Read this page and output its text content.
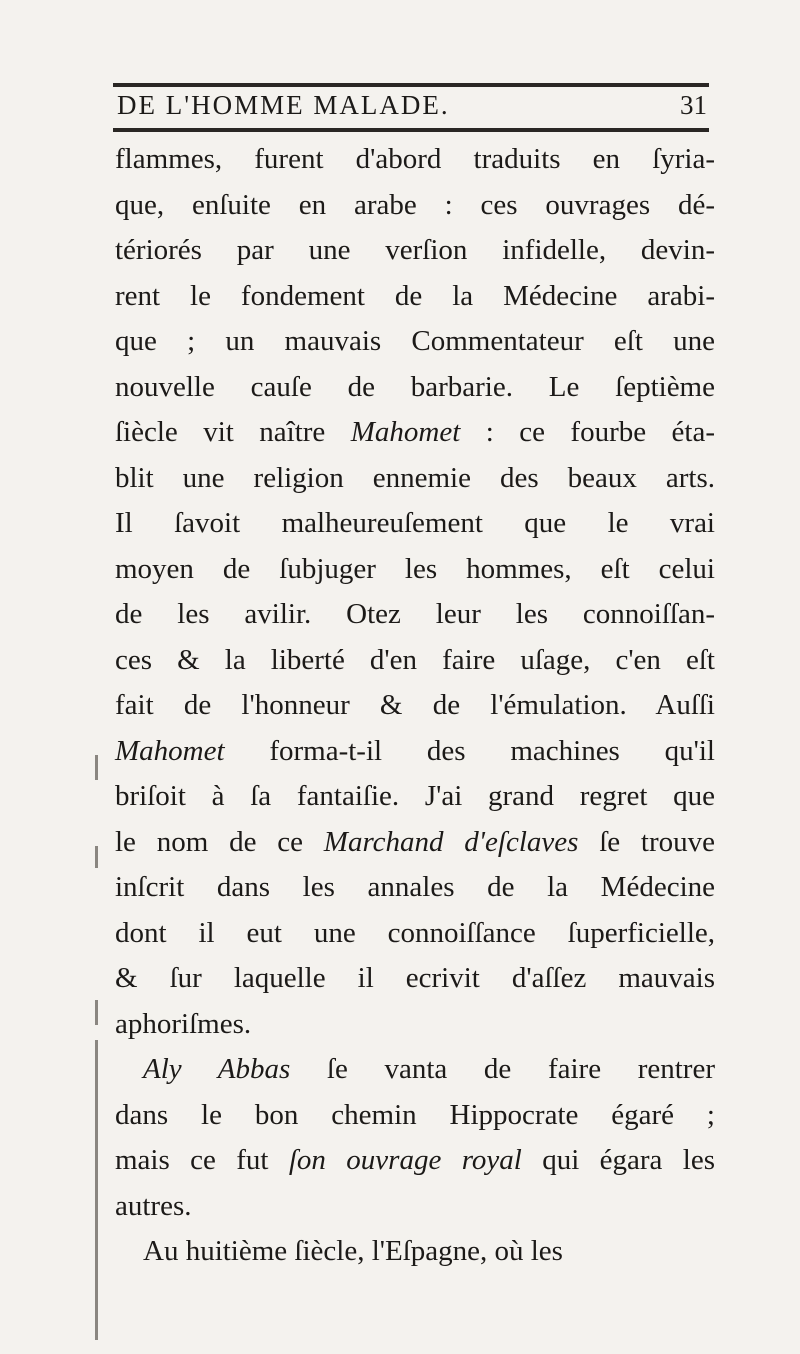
DE L'HOMME MALADE.	31
flammes, furent d'abord traduits en ſyria-
que, enſuite en arabe : ces ouvrages dé-
tériorés par une verſion infidelle, devin-
rent le fondement de la Médecine arabi-
que ; un mauvais Commentateur eſt une
nouvelle cauſe de barbarie. Le ſeptième
ſiècle vit naître Mahomet : ce fourbe éta-
blit une religion ennemie des beaux arts.
Il ſavoit malheureuſement que le vrai
moyen de ſubjuger les hommes, eſt celui
de les avilir. Otez leur les connoiſſan-
ces & la liberté d'en faire uſage, c'en eſt
fait de l'honneur & de l'émulation. Auſſi
Mahomet forma-t-il des machines qu'il
briſoit à ſa fantaiſie. J'ai grand regret que
le nom de ce Marchand d'eſclaves ſe trouve
inſcrit dans les annales de la Médecine
dont il eut une connoiſſance ſuperficielle,
& ſur laquelle il ecrivit d'aſſez mauvais
aphoriſmes.
Aly Abbas ſe vanta de faire rentrer
dans le bon chemin Hippocrate égaré ;
mais ce fut ſon ouvrage royal qui égara les
autres.
Au huitième ſiècle, l'Eſpagne, où les
